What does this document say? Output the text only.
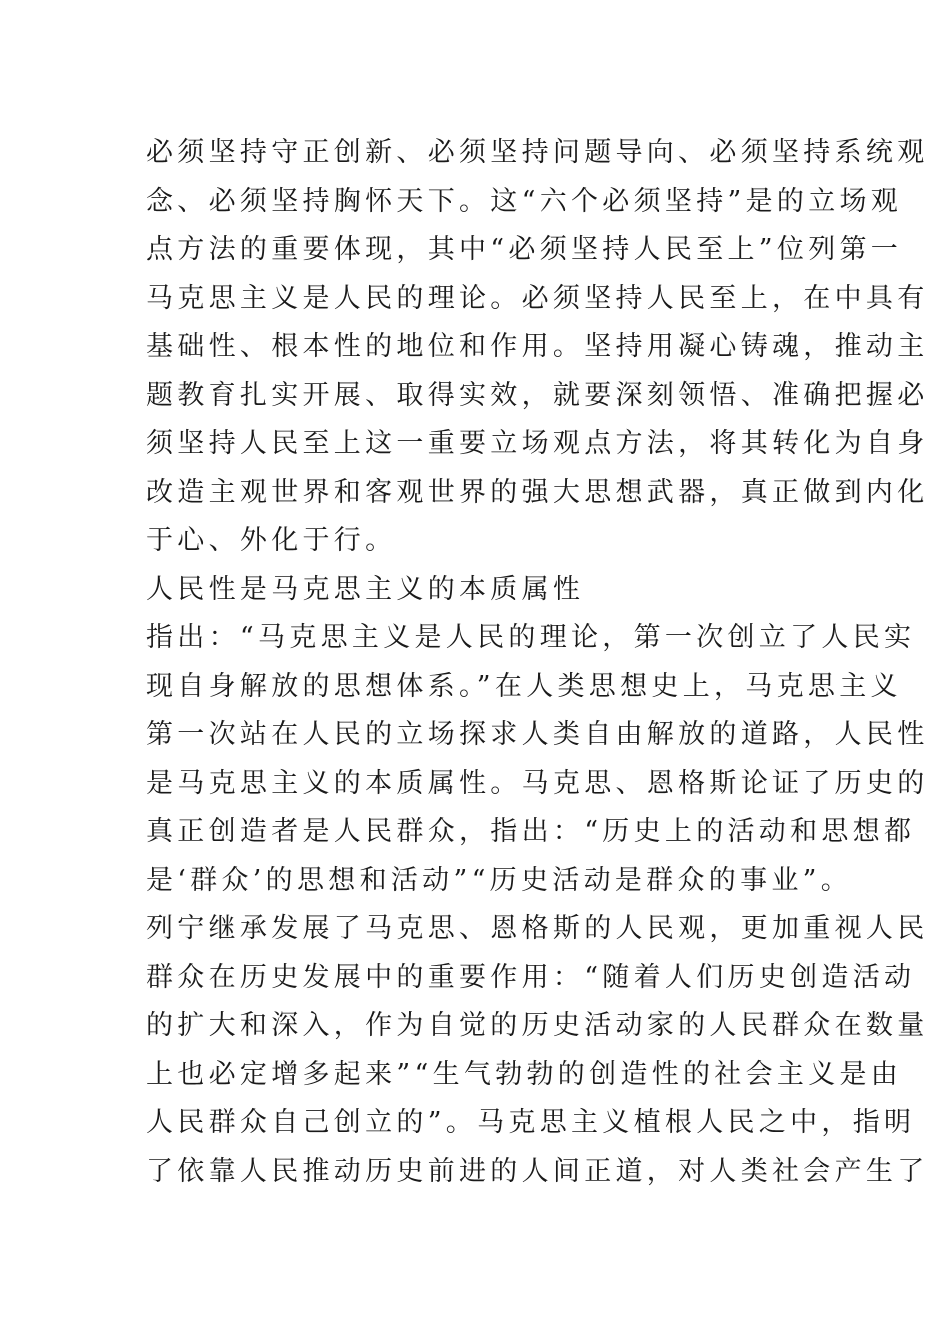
必须坚持守正创新、必须坚持问题导向、必须坚持系统观
念、必须坚持胸怀天下。这“六个必须坚持”是的立场观
点方法的重要体现，其中“必须坚持人民至上”位列第一
马克思主义是人民的理论。必须坚持人民至上，在中具有
基础性、根本性的地位和作用。坚持用凝心铸魂，推动主
题教育扎实开展、取得实效，就要深刻领悟、准确把握必
须坚持人民至上这一重要立场观点方法，将其转化为自身
改造主观世界和客观世界的强大思想武器，真正做到内化
于心、外化于行。
人民性是马克思主义的本质属性
指出：“马克思主义是人民的理论，第一次创立了人民实
现自身解放的思想体系。”在人类思想史上，马克思主义
第一次站在人民的立场探求人类自由解放的道路，人民性
是马克思主义的本质属性。马克思、恩格斯论证了历史的
真正创造者是人民群众，指出：“历史上的活动和思想都
是‘群众’的思想和活动”“历史活动是群众的事业”。
列宁继承发展了马克思、恩格斯的人民观，更加重视人民
群众在历史发展中的重要作用：“随着人们历史创造活动
的扩大和深入，作为自觉的历史活动家的人民群众在数量
上也必定增多起来”“生气勃勃的创造性的社会主义是由
人民群众自己创立的”。马克思主义植根人民之中，指明
了依靠人民推动历史前进的人间正道，对人类社会产生了
